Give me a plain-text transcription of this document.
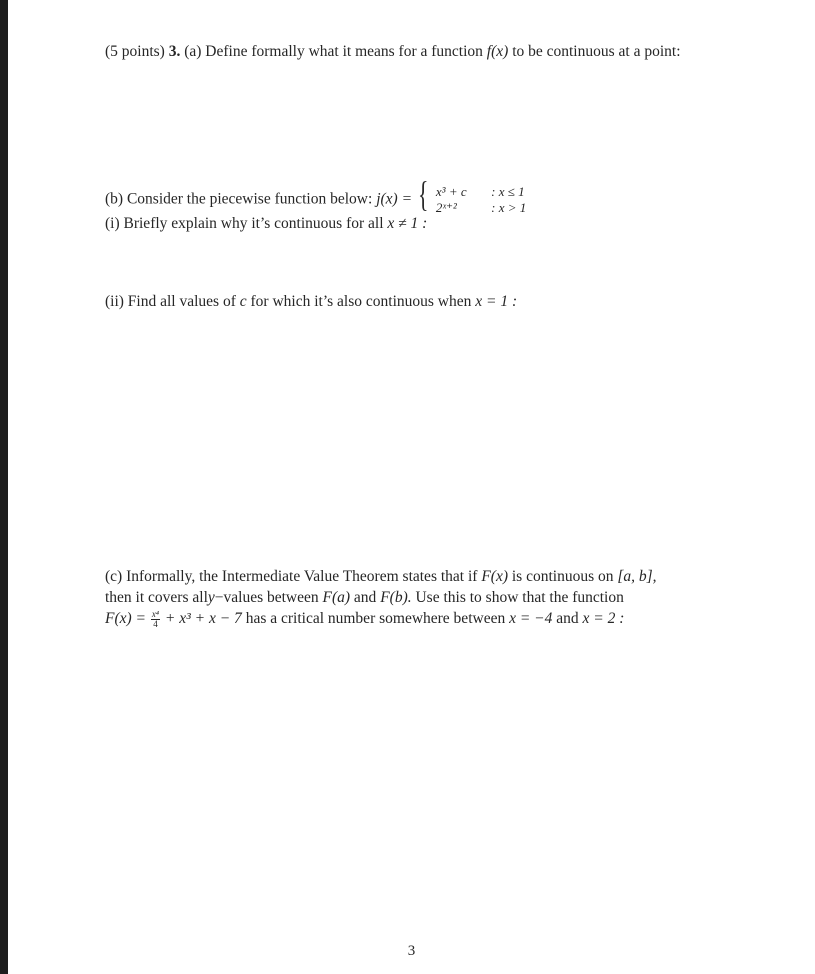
(5 points) 3. (a) Define formally what it means for a function f(x) to be continuous at a point:
(b) Consider the piecewise function below: j(x) = { x³ + c : x ≤ 1
2ˣ⁺²	: x > 1
(i) Briefly explain why it’s continuous for all x ≠ 1 :
(ii) Find all values of c for which it’s also continuous when x = 1 :
(c) Informally, the Intermediate Value Theorem states that if F(x) is continuous on [a, b],
then it covers ally−values between F(a) and F(b). Use this to show that the function
$F(x) = \frac{\text{x⁴}}{4} + x^3 + x - 7$ has a critical number somewhere between x = −4 and x = 2 :
3
